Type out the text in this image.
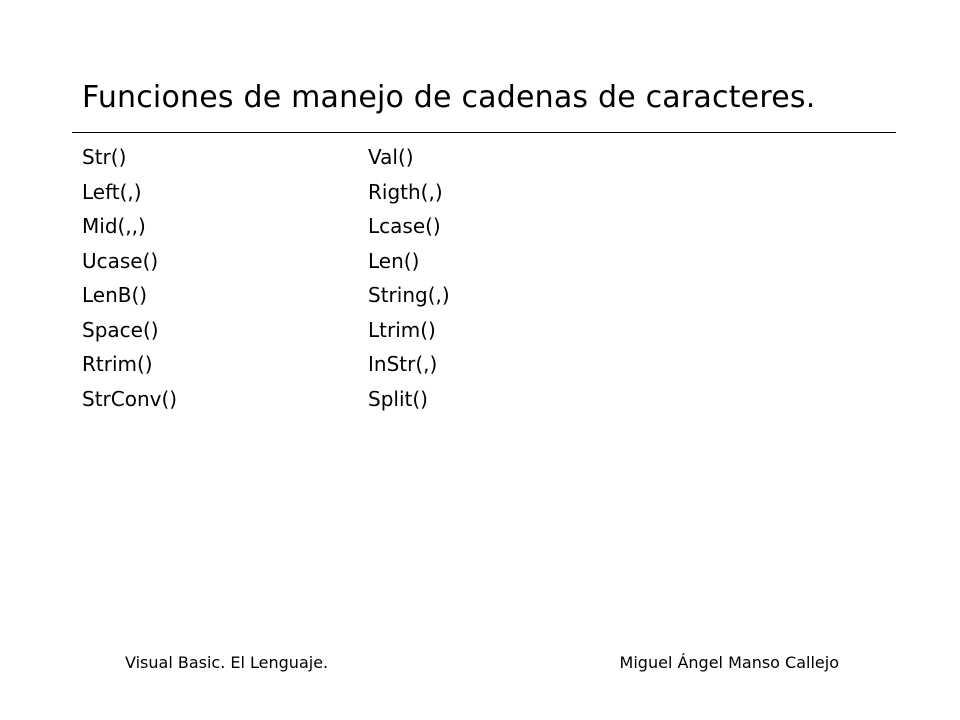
Funciones de manejo de cadenas de caracteres.
Str()
Left(,)
Mid(,,)
Ucase()
LenB()
Space()
Rtrim()
StrConv()
Val()
Rigth(,)
Lcase()
Len()
String(,)
Ltrim()
InStr(,)
Split()
Visual Basic. El Lenguaje.	Miguel Ángel Manso Callejo
